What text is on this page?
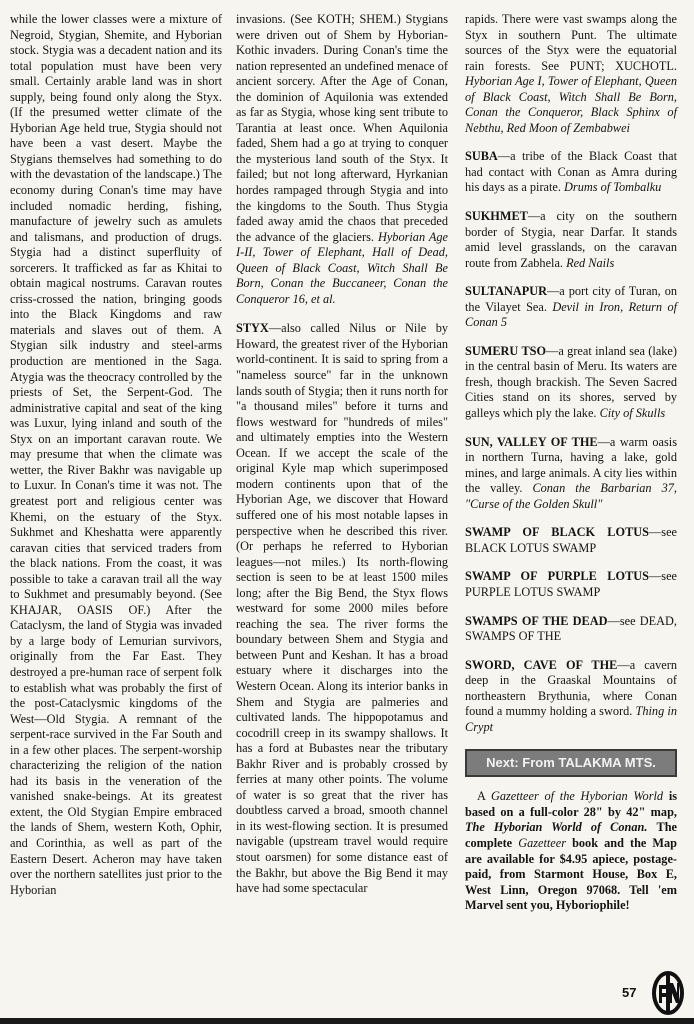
while the lower classes were a mixture of Negroid, Stygian, Shemite, and Hyborian stock. Stygia was a decadent nation and its total population must have been very small. Certainly arable land was in short supply, being found only along the Styx. (If the presumed wetter climate of the Hyborian Age held true, Stygia should not have been a vast desert. Maybe the Stygians themselves had something to do with the devastation of the landscape.) The economy during Conan's time may have included nomadic herding, fishing, manufacture of jewelry such as amulets and talismans, and production of drugs. Stygia had a distinct superfluity of sorcerers. It trafficked as far as Khitai to obtain magical nostrums. Caravan routes criss-crossed the nation, bringing goods into the Black Kingdoms and raw materials and slaves out of them. A Stygian silk industry and steel-arms production are mentioned in the Saga. Atygia was the theocracy controlled by the priests of Set, the Serpent-God. The administrative capital and seat of the king was Luxur, lying inland and south of the Styx on an important caravan route. We may presume that when the climate was wetter, the River Bakhr was navigable up to Luxur. In Conan's time it was not. The greatest port and religious center was Khemi, on the estuary of the Styx. Sukhmet and Kheshatta were apparently caravan cities that serviced traders from the black nations. From the coast, it was possible to take a caravan trail all the way to Sukhmet and presumably beyond. (See KHAJAR, OASIS OF.) After the Cataclysm, the land of Stygia was invaded by a large body of Lemurian survivors, originally from the Far East. They destroyed a pre-human race of serpent folk to establish what was probably the first of the post-Cataclysmic kingdoms of the West—Old Stygia. A remnant of the serpent-race survived in the Far South and in a few other places. The serpent-worship characterizing the religion of the nation had its basis in the veneration of the vanished snake-beings. At its greatest extent, the Old Stygian Empire embraced the lands of Shem, western Koth, Ophir, and Corinthia, as well as part of the Eastern Desert. Acheron may have taken over the northern satellites just prior to the Hyborian

invasions. (See KOTH; SHEM.) Stygians were driven out of Shem by Hyborian-Kothic invaders. During Conan's time the nation represented an undefined menace of ancient sorcery. After the Age of Conan, the dominion of Aquilonia was extended as far as Stygia, whose king sent tribute to Tarantia at least once. When Aquilonia faded, Shem had a go at trying to conquer the mysterious land south of the Styx. It failed; but not long afterward, Hyrkanian hordes rampaged through Stygia and into the kingdoms to the South. Thus Stygia faded away amid the chaos that preceded the advance of the glaciers. Hyborian Age I-II, Tower of Elephant, Hall of Dead, Queen of Black Coast, Witch Shall Be Born, Conan the Buccaneer, Conan the Conqueror 16, et al.

STYX—also called Nilus or Nile by Howard, the greatest river of the Hyborian world-continent. It is said to spring from a "nameless source" far in the unknown lands south of Stygia; then it runs north for "a thousand miles" before it turns and flows westward for "hundreds of miles" and ultimately empties into the Western Ocean. If we accept the scale of the original Kyle map which superimposed modern continents upon that of the Hyborian Age, we discover that Howard suffered one of his most notable lapses in perspective when he described this river. (Or perhaps he referred to Hyborian leagues—not miles.) Its north-flowing section is seen to be at least 1500 miles long; after the Big Bend, the Styx flows westward for some 2000 miles before reaching the sea. The river forms the boundary between Shem and Stygia and between Punt and Keshan. It has a broad estuary where it discharges into the Western Ocean. Along its interior banks in Shem and Stygia are palmeries and cultivated lands. The hippopotamus and cocodrill creep in its swampy shallows. It has a ford at Bubastes near the tributary Bakhr River and is probably crossed by ferries at many other points. The volume of water is so great that the river has doubtless carved a broad, smooth channel in its west-flowing section. It is presumed navigable (upstream travel would require stout oarsmen) for some distance east of the Bakhr, but above the Big Bend it may have had some spectacular

rapids. There were vast swamps along the Styx in southern Punt. The ultimate sources of the Styx were the equatorial rain forests. See PUNT; XUCHOTL. Hyborian Age I, Tower of Elephant, Queen of Black Coast, Witch Shall Be Born, Conan the Conqueror, Black Sphinx of Nebthu, Red Moon of Zembabwei

SUBA—a tribe of the Black Coast that had contact with Conan as Amra during his days as a pirate. Drums of Tombalku

SUKHMET—a city on the southern border of Stygia, near Darfar. It stands amid level grasslands, on the caravan route from Zabhela. Red Nails

SULTANAPUR—a port city of Turan, on the Vilayet Sea. Devil in Iron, Return of Conan 5

SUMERU TSO—a great inland sea (lake) in the central basin of Meru. Its waters are fresh, though brackish. The Seven Sacred Cities stand on its shores, served by galleys which ply the lake. City of Skulls

SUN, VALLEY OF THE—a warm oasis in northern Turna, having a lake, gold mines, and large animals. A city lies within the valley. Conan the Barbarian 37, "Curse of the Golden Skull"

SWAMP OF BLACK LOTUS—see BLACK LOTUS SWAMP

SWAMP OF PURPLE LOTUS—see PURPLE LOTUS SWAMP

SWAMPS OF THE DEAD—see DEAD, SWAMPS OF THE

SWORD, CAVE OF THE—a cavern deep in the Graaskal Mountains of northeastern Brythunia, where Conan found a mummy holding a sword. Thing in Crypt

Next: From TALAKMA MTS.
A Gazetteer of the Hyborian World is based on a full-color 28" by 42" map, The Hyborian World of Conan. The complete Gazetteer book and the Map are available for $4.95 apiece, postage-paid, from Starmont House, Box E, West Linn, Oregon 97068. Tell 'em Marvel sent you, Hyboriophile!
57
